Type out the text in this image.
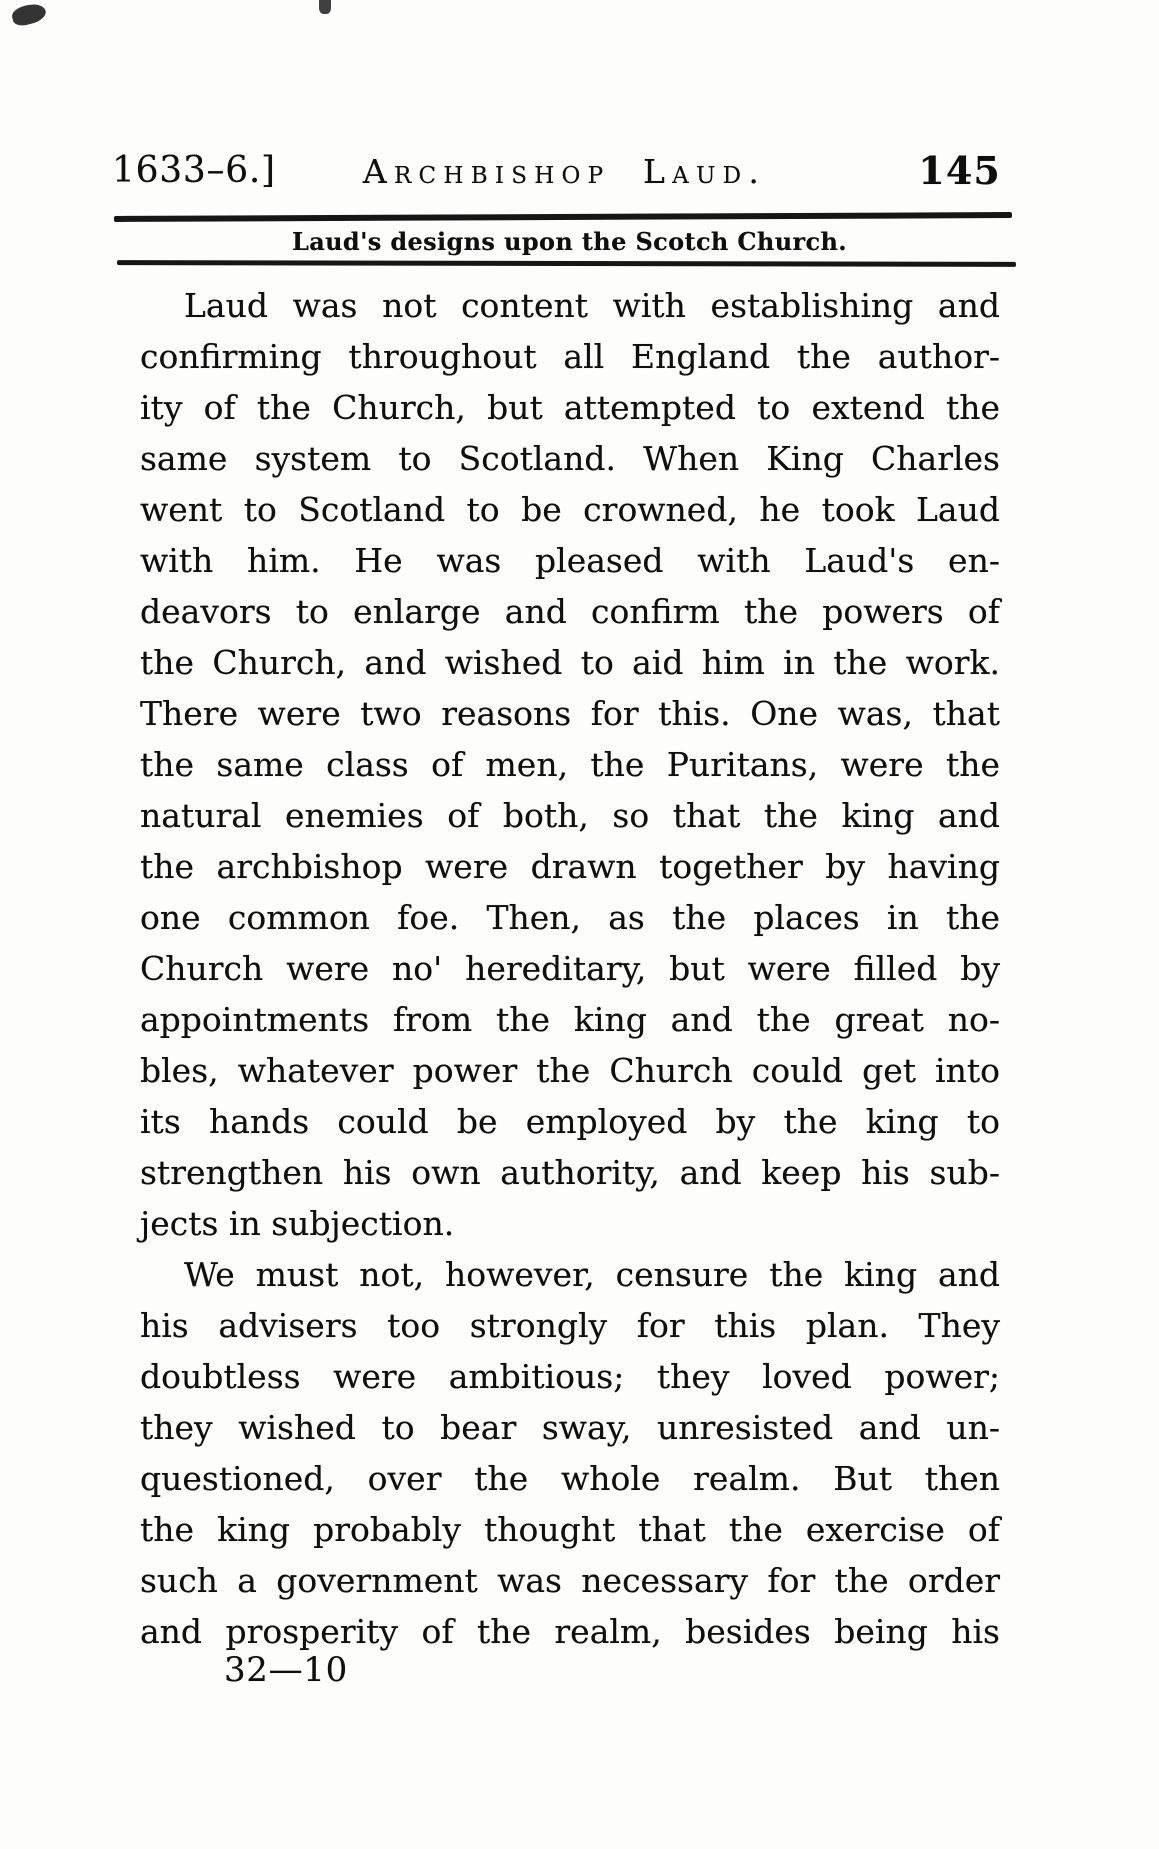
1633–6.]	Archbishop Laud.	145
Laud's designs upon the Scotch Church.
Laud was not content with establishing and
confirming throughout all England the author-
ity of the Church, but attempted to extend the
same system to Scotland. When King Charles
went to Scotland to be crowned, he took Laud
with him. He was pleased with Laud's en-
deavors to enlarge and confirm the powers of
the Church, and wished to aid him in the work.
There were two reasons for this. One was, that
the same class of men, the Puritans, were the
natural enemies of both, so that the king and
the archbishop were drawn together by having
one common foe. Then, as the places in the
Church were no' hereditary, but were filled by
appointments from the king and the great no-
bles, whatever power the Church could get into
its hands could be employed by the king to
strengthen his own authority, and keep his sub-
jects in subjection.
We must not, however, censure the king and
his advisers too strongly for this plan. They
doubtless were ambitious; they loved power;
they wished to bear sway, unresisted and un-
questioned, over the whole realm. But then
the king probably thought that the exercise of
such a government was necessary for the order
and prosperity of the realm, besides being his
32—10
